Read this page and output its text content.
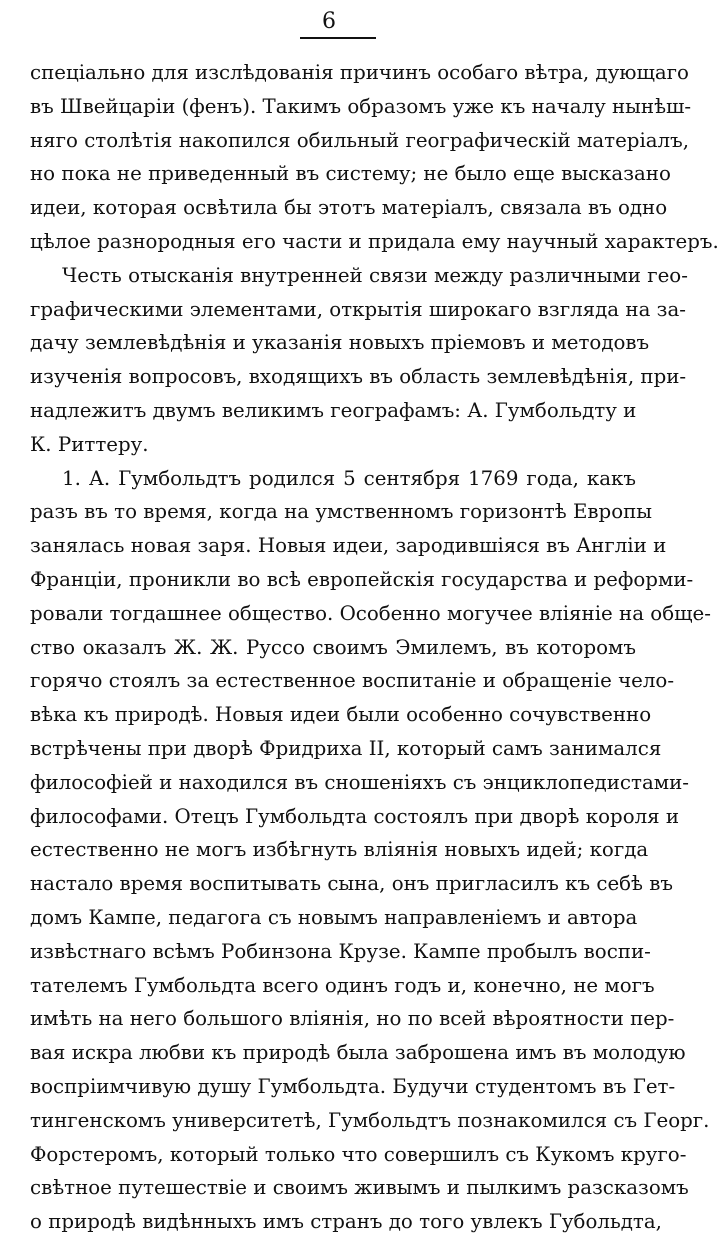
6
спецiально для изслѣдованiя причинъ особаго вѣтра, дующаго
въ Швейцарiи (фенъ). Такимъ образомъ уже къ началу нынѣш-
няго столѣтiя накопился обильный географическiй матерiалъ,
но пока не приведенный въ систему; не было еще высказано
идеи, которая освѣтила бы этотъ матерiалъ, связала въ одно
цѣлое разнородныя его части и придала ему научный характеръ.
Честь отысканiя внутренней связи между различными гео-
графическими элементами, открытiя широкаго взгляда на за-
дачу землевѣдѣнiя и указанiя новыхъ прiемовъ и методовъ
изученiя вопросовъ, входящихъ въ область землевѣдѣнiя, при-
надлежитъ двумъ великимъ географамъ: А. Гумбольдту и
К. Риттеру.
1. А. Гумбольдтъ родился 5 сентября 1769 года, какъ
разъ въ то время, когда на умственномъ горизонтѣ Европы
занялась новая заря. Новыя идеи, зародившiяся въ Англiи и
Францiи, проникли во всѣ европейскiя государства и реформи-
ровали тогдашнее общество. Особенно могучее влiянiе на обще-
ство оказалъ Ж. Ж. Руссо своимъ Эмилемъ, въ которомъ
горячо стоялъ за естественное воспитанiе и обращенiе чело-
вѣка къ природѣ. Новыя идеи были особенно сочувственно
встрѣчены при дворѣ Фридриха II, который самъ занимался
философiей и находился въ сношенiяхъ съ энциклопедистами-
философами. Отецъ Гумбольдта состоялъ при дворѣ короля и
естественно не могъ избѣгнуть влiянiя новыхъ идей; когда
настало время воспитывать сына, онъ пригласилъ къ себѣ въ
домъ Кампе, педагога съ новымъ направленiемъ и автора
извѣстнаго всѣмъ Робинзона Крузе. Кампе пробылъ воспи-
тателемъ Гумбольдта всего одинъ годъ и, конечно, не могъ
имѣть на него большого влiянiя, но по всей вѣроятности пер-
вая искра любви къ природѣ была заброшена имъ въ молодую
воспрiимчивую душу Гумбольдта. Будучи студентомъ въ Гет-
тингенскомъ университетѣ, Гумбольдтъ познакомился съ Георг.
Форстеромъ, который только что совершилъ съ Кукомъ круго-
свѣтное путешествiе и своимъ живымъ и пылкимъ разсказомъ
о природѣ видѣнныхъ имъ странъ до того увлекъ Губольдта,
